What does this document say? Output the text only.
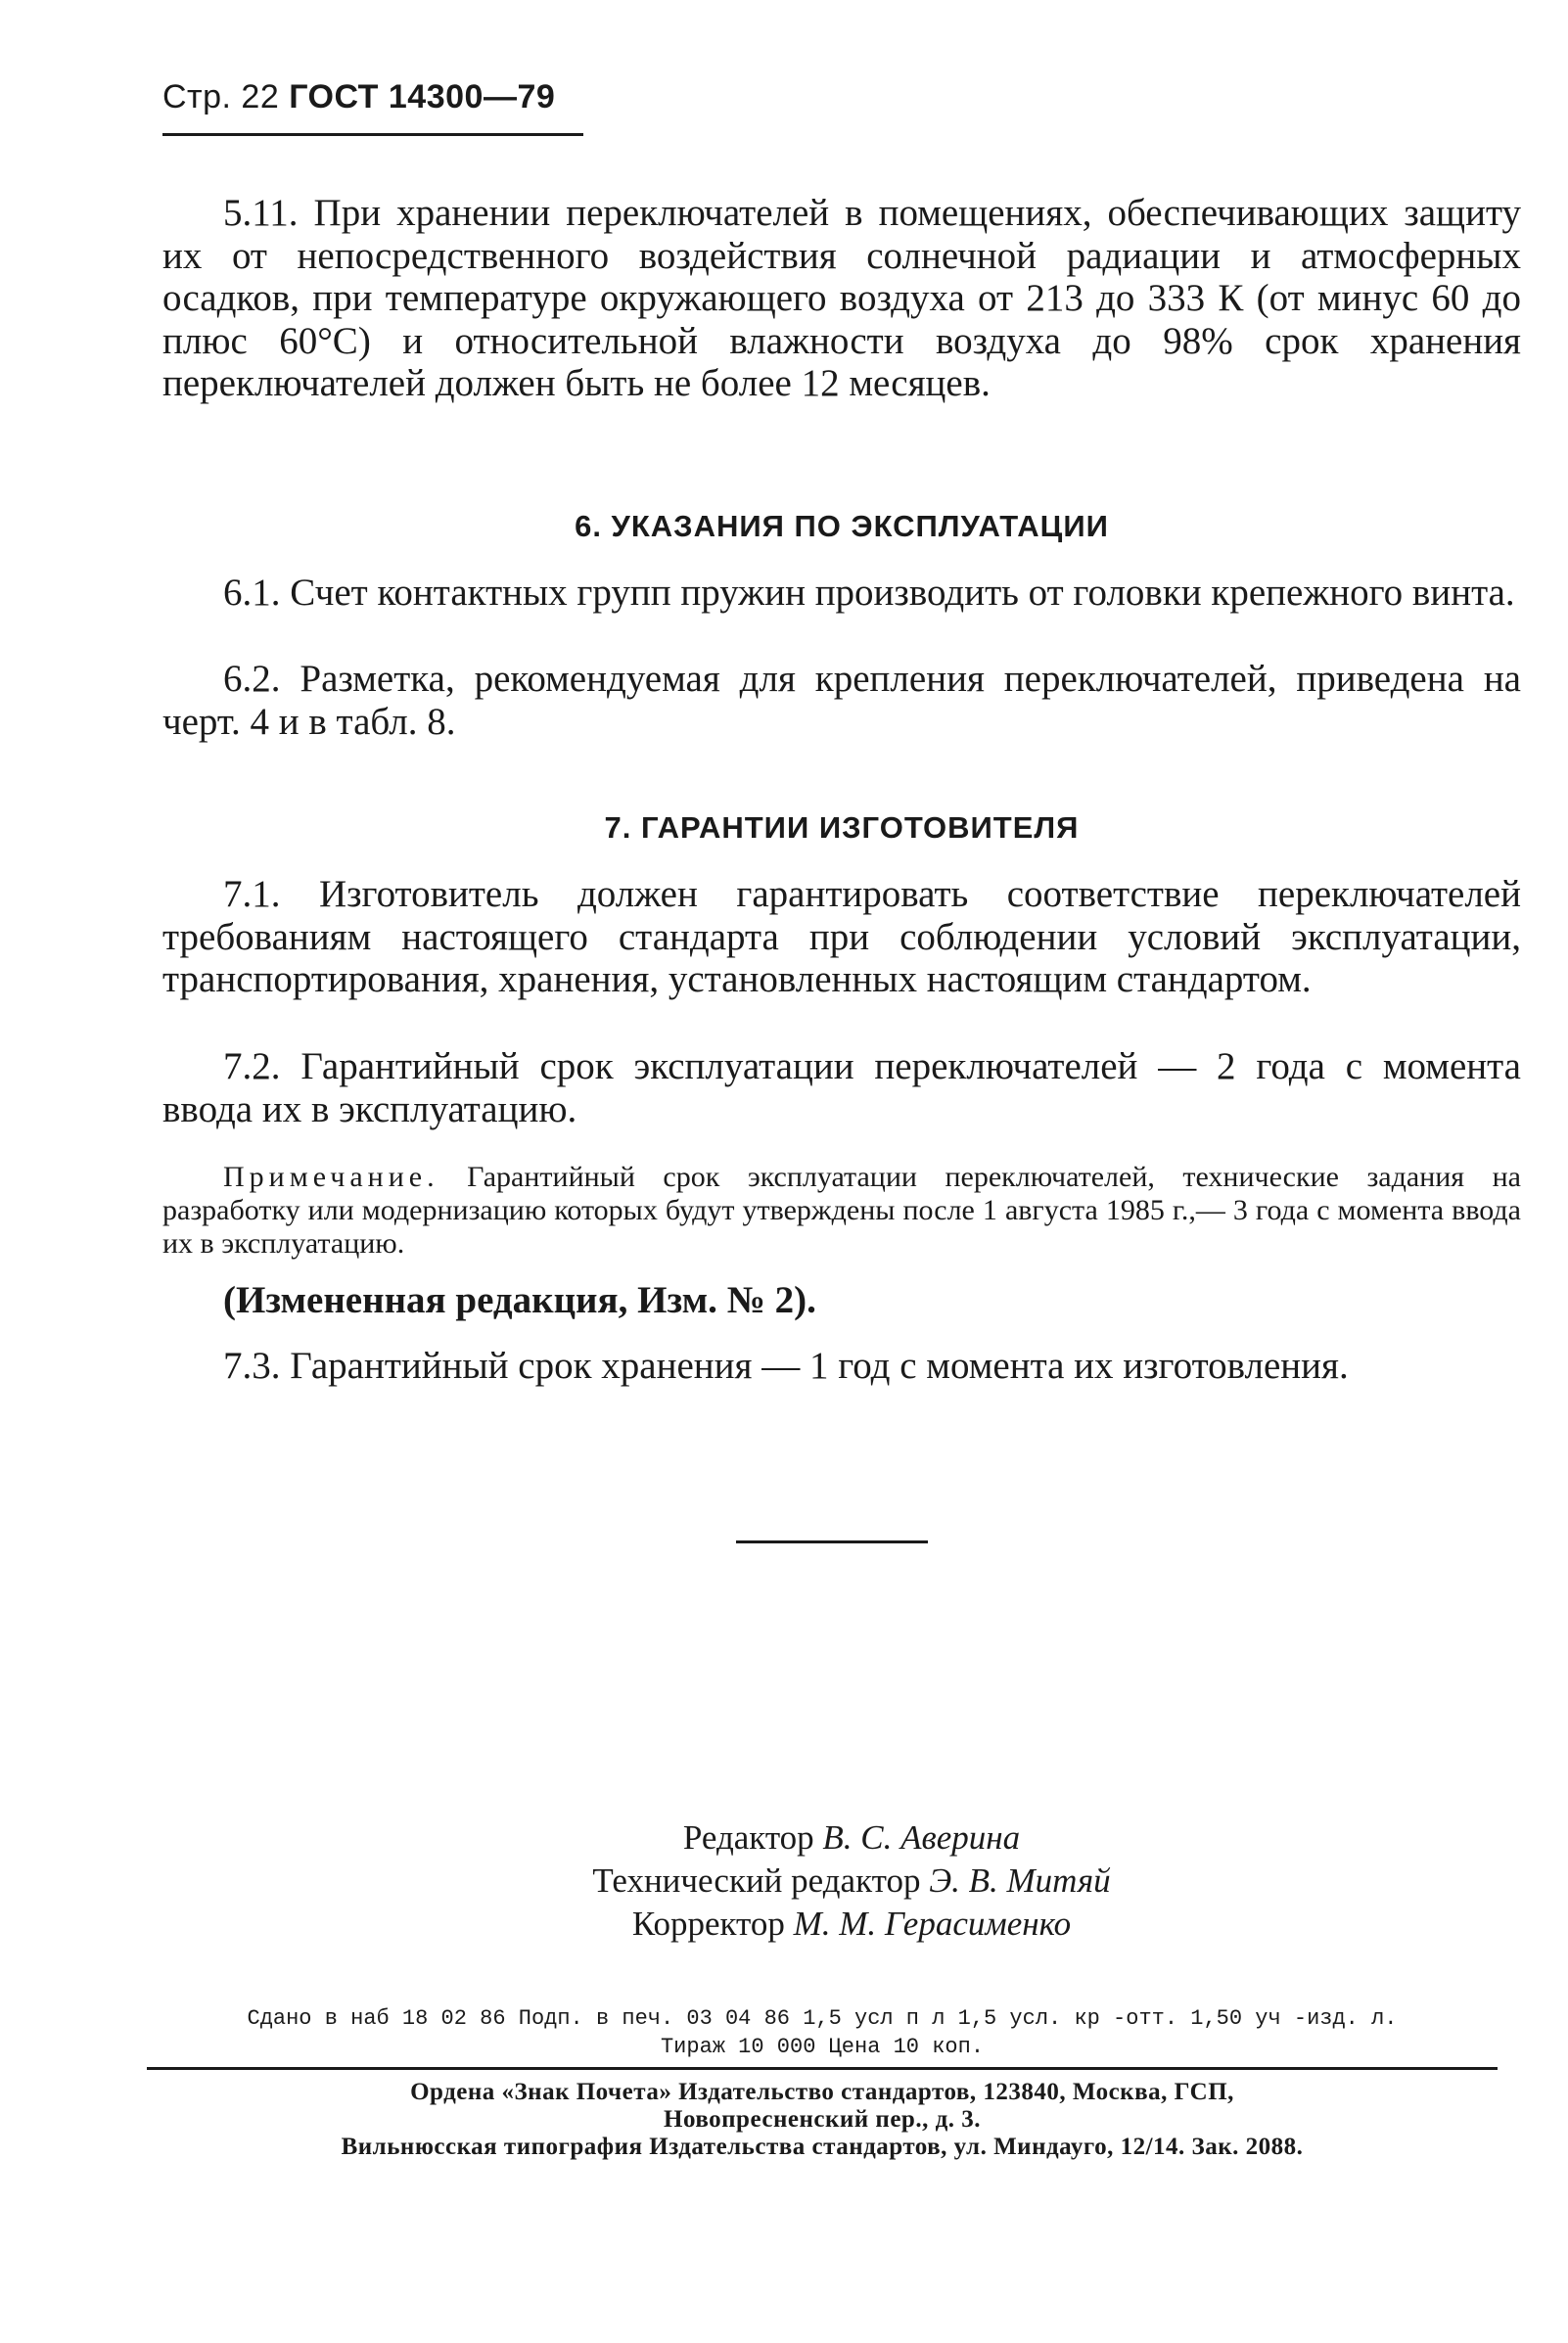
Стр. 22 ГОСТ 14300—79
5.11. При хранении переключателей в помещениях, обеспечивающих защиту их от непосредственного воздействия солнечной радиации и атмосферных осадков, при температуре окружающего воздуха от 213 до 333 К (от минус 60 до плюс 60°С) и относительной влажности воздуха до 98% срок хранения переключателей должен быть не более 12 месяцев.
6. УКАЗАНИЯ ПО ЭКСПЛУАТАЦИИ
6.1. Счет контактных групп пружин производить от головки крепежного винта.
6.2. Разметка, рекомендуемая для крепления переключателей, приведена на черт. 4 и в табл. 8.
7. ГАРАНТИИ ИЗГОТОВИТЕЛЯ
7.1. Изготовитель должен гарантировать соответствие переключателей требованиям настоящего стандарта при соблюдении условий эксплуатации, транспортирования, хранения, установленных настоящим стандартом.
7.2. Гарантийный срок эксплуатации переключателей — 2 года с момента ввода их в эксплуатацию.
Примечание. Гарантийный срок эксплуатации переключателей, технические задания на разработку или модернизацию которых будут утверждены после 1 августа 1985 г.,— 3 года с момента ввода их в эксплуатацию.
(Измененная редакция, Изм. № 2).
7.3. Гарантийный срок хранения — 1 год с момента их изготовления.
Редактор В. С. Аверина
Технический редактор Э. В. Митяй
Корректор М. М. Герасименко
Сдано в наб 18 02 86 Подп. в печ. 03 04 86 1,5 усл п л 1,5 усл. кр -отт. 1,50 уч -изд. л.
Тираж 10 000 Цена 10 коп.
Ордена «Знак Почета» Издательство стандартов, 123840, Москва, ГСП,
Новопресненский пер., д. 3.
Вильнюсская типография Издательства стандартов, ул. Миндауго, 12/14. Зак. 2088.
